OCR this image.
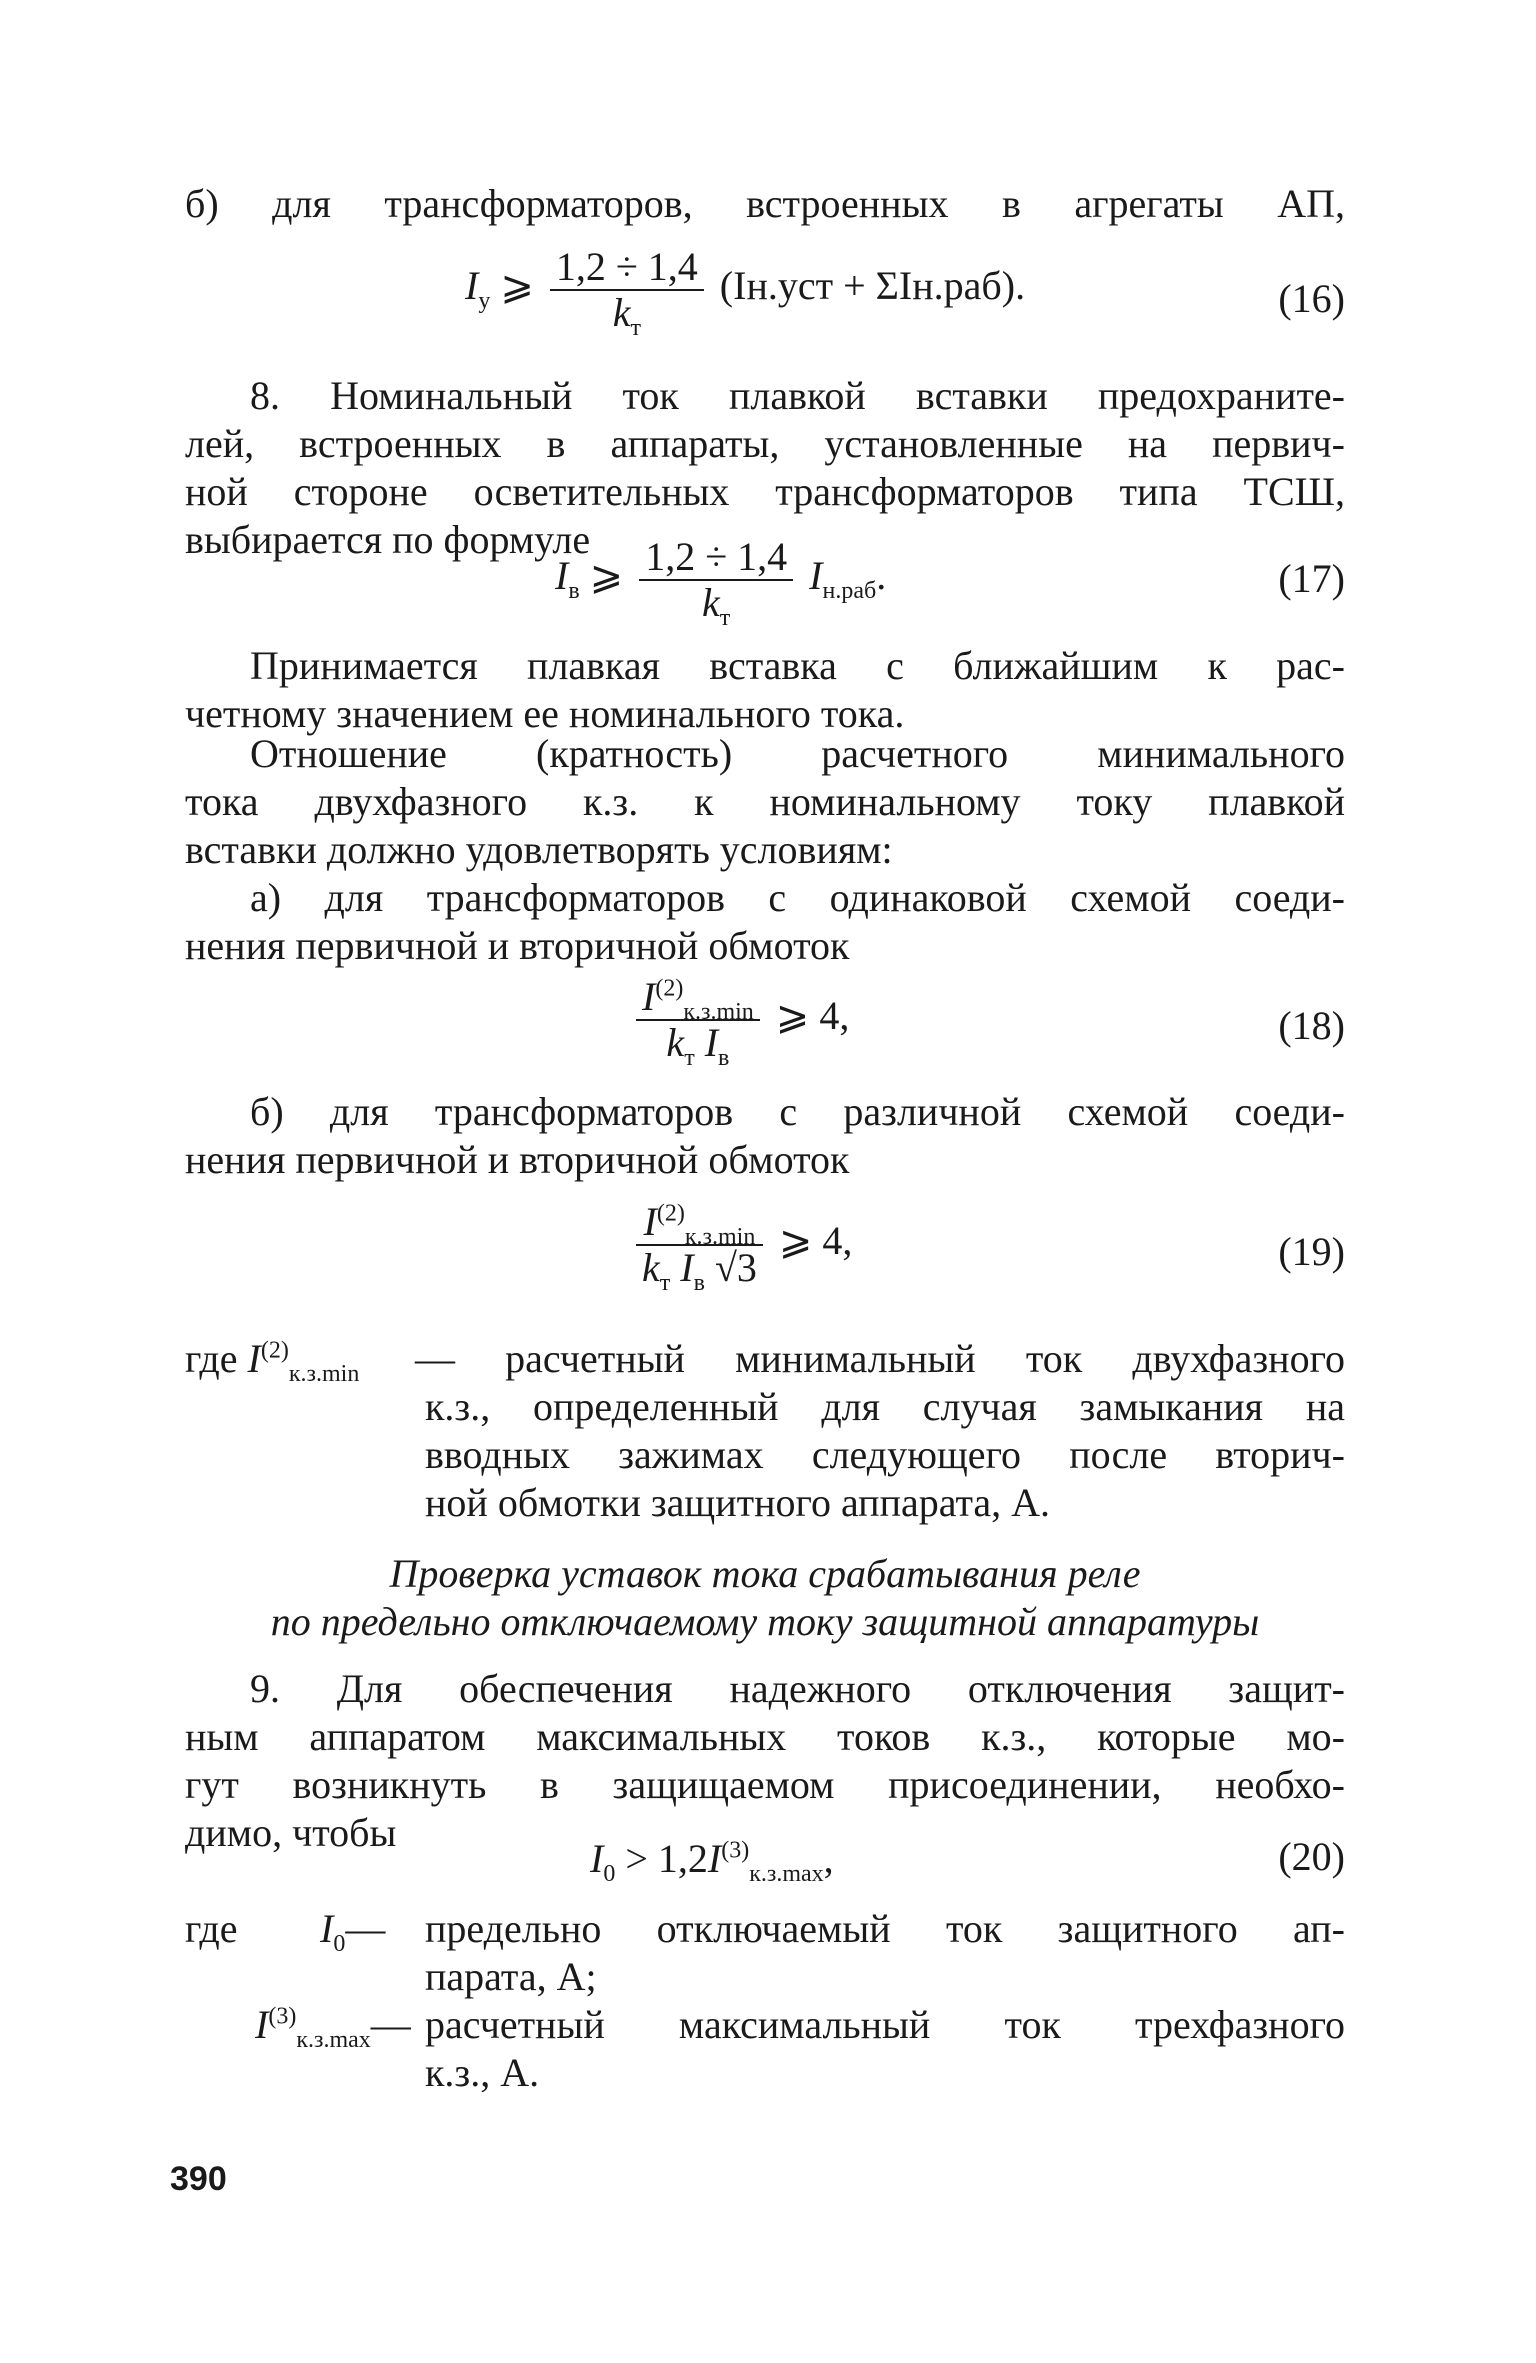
б) для трансформаторов, встроенных в агрегаты АП,
$I_у$ ⩾ $\frac{1,2 \div 1,4}{k_т} (Iн.уст + \Sigma Iн.раб)$.	(16)
8. Номинальный ток плавкой вставки предохраните-
лей, встроенных в аппараты, установленные на первич-
ной стороне осветительных трансформаторов типа ТСШ,
выбирается по формуле
$I_в$ ⩾ $\frac{1,2 \div 1,4}{k_т} I_{н.раб}$.	(17)
Принимается плавкая вставка с ближайшим к рас-
четному значением ее номинального тока.
Отношение (кратность) расчетного минимального
тока двухфазного к.з. к номинальному току плавкой
вставки должно удовлетворять условиям:
а) для трансформаторов с одинаковой схемой соеди-
нения первичной и вторичной обмоток
$\frac{I^{(2)}_{к.з.min}}{k_т I_в}$ ⩾ 4,	(18)
б) для трансформаторов с различной схемой соеди-
нения первичной и вторичной обмоток
$\frac{I^{(2)}_{к.з.min}}{k_т I_в √3}$ ⩾ 4,	(19)
где $I^{(2)}_{к.з.min}$ — расчетный минимальный ток двухфазного
к.з., определенный для случая замыкания на
вводных зажимах следующего после вторич-
ной обмотки защитного аппарата, А.
Проверка уставок тока срабатывания реле
по предельно отключаемому току защитной аппаратуры
9. Для обеспечения надежного отключения защит-
ным аппаратом максимальных токов к.з., которые мо-
гут возникнуть в защищаемом присоединении, необхо-
димо, чтобы
$I_0 > 1,2I^{(3)}_{к.з.max}$,	(20)
где $I_0—$ предельно отключаемый ток защитного ап-
парата, А;
$I^{(3)}_{к.з.max}—$ расчетный максимальный ток трехфазного
к.з., А.
390
